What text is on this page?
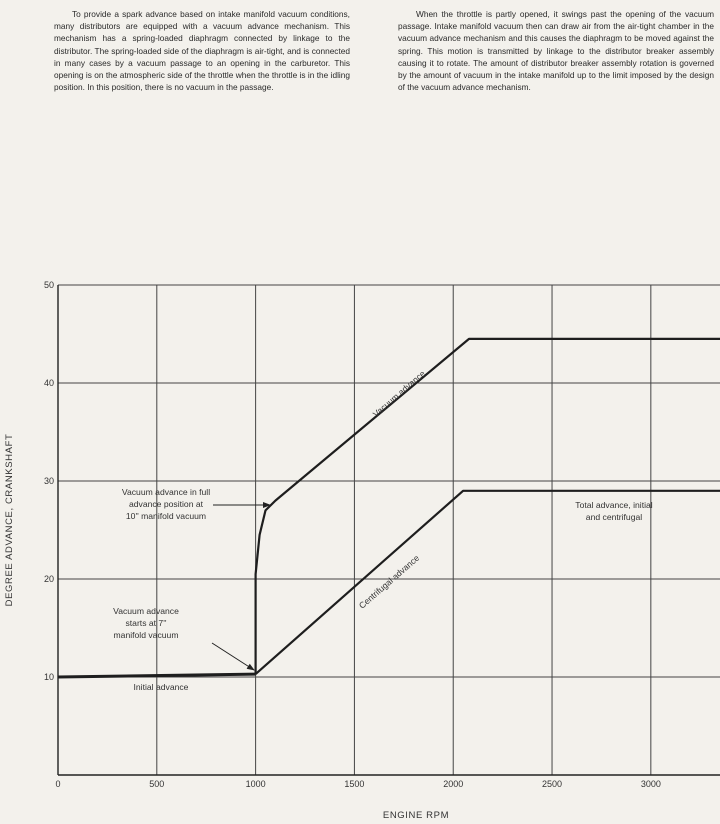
To provide a spark advance based on intake manifold vacuum conditions, many distributors are equipped with a vacuum advance mechanism. This mechanism has a spring-loaded diaphragm connected by linkage to the distributor. The spring-loaded side of the diaphragm is air-tight, and is connected in many cases by a vacuum passage to an opening in the carburetor. This opening is on the atmospheric side of the throttle when the throttle is in the idling position. In this position, there is no vacuum in the passage.

When the throttle is partly opened, it swings past the opening of the vacuum passage. Intake manifold vacuum then can draw air from the air-tight chamber in the vacuum advance mechanism and this causes the diaphragm to be moved against the spring. This motion is transmitted by linkage to the distributor breaker assembly causing it to rotate. The amount of distributor breaker assembly rotation is governed by the amount of vacuum in the intake manifold up to the limit imposed by the design of the vacuum advance mechanism.

0	500	1000	1500	2000	2500	3000
10
20
30
40
50
ENGINE RPM
DEGREE ADVANCE, CRANKSHAFT	Vacuum advance in full
advance position at
10'' manifold vacuum
Vacuum advance
starts at 7''
manifold vacuum
Total advance, initial
and centrifugal
Initial advance
Centrifugal advance
Vacuum advance
